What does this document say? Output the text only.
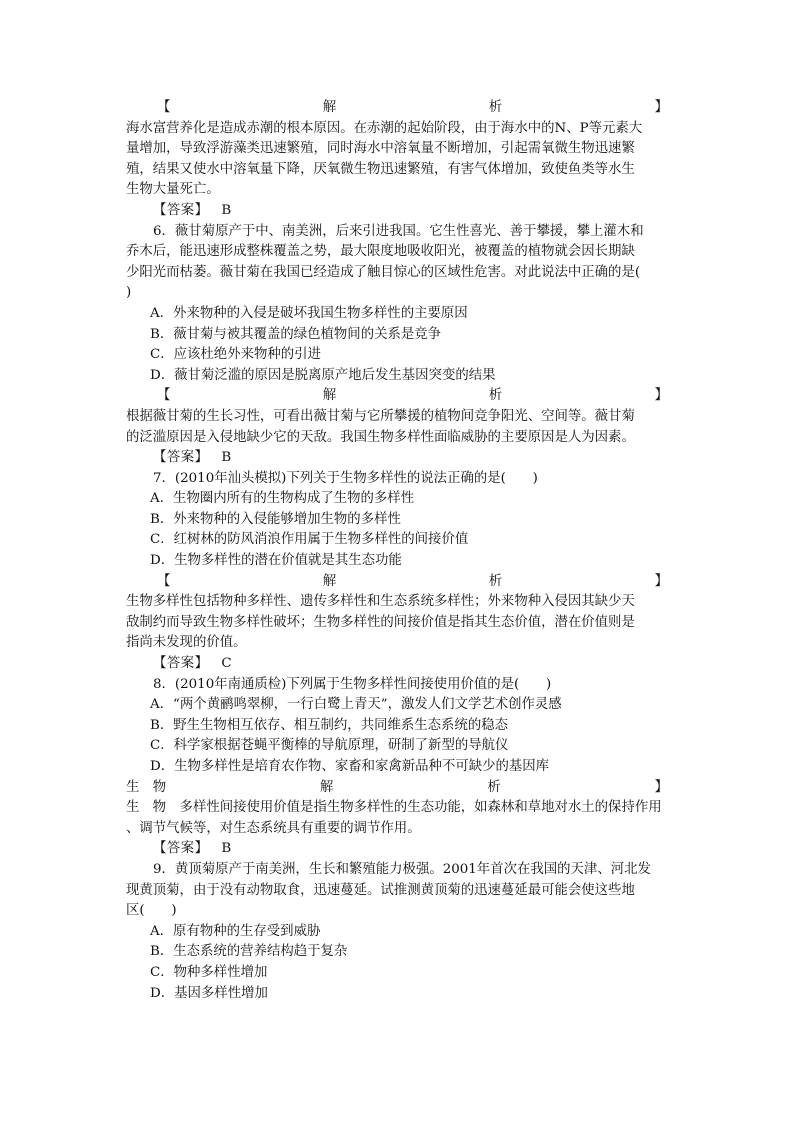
【	解	析	】
海水富营养化是造成赤潮的根本原因。在赤潮的起始阶段，由于海水中的N、P等元素大
量增加，导致浮游藻类迅速繁殖，同时海水中溶氧量不断增加，引起需氧微生物迅速繁
殖，结果又使水中溶氧量下降，厌氧微生物迅速繁殖，有害气体增加，致使鱼类等水生
生物大量死亡。
【答案】 B
6．薇甘菊原产于中、南美洲，后来引进我国。它生性喜光、善于攀援，攀上灌木和
乔木后，能迅速形成整株覆盖之势，最大限度地吸收阳光，被覆盖的植物就会因长期缺
少阳光而枯萎。薇甘菊在我国已经造成了触目惊心的区域性危害。对此说法中正确的是(
)
A．外来物种的入侵是破坏我国生物多样性的主要原因
B．薇甘菊与被其覆盖的绿色植物间的关系是竞争
C．应该杜绝外来物种的引进
D．薇甘菊泛滥的原因是脱离原产地后发生基因突变的结果
【	解	析	】
根据薇甘菊的生长习性，可看出薇甘菊与它所攀援的植物间竞争阳光、空间等。薇甘菊
的泛滥原因是入侵地缺少它的天敌。我国生物多样性面临威胁的主要原因是人为因素。
【答案】 B
7．(2010年汕头模拟)下列关于生物多样性的说法正确的是(　　)
A．生物圈内所有的生物构成了生物的多样性
B．外来物种的入侵能够增加生物的多样性
C．红树林的防风消浪作用属于生物多样性的间接价值
D．生物多样性的潜在价值就是其生态功能
【	解	析	】
生物多样性包括物种多样性、遗传多样性和生态系统多样性；外来物种入侵因其缺少天
敌制约而导致生物多样性破坏；生物多样性的间接价值是指其生态价值，潜在价值则是
指尚未发现的价值。
【答案】 C
8．(2010年南通质检)下列属于生物多样性间接使用价值的是(　　)
A．“两个黄鹂鸣翠柳，一行白鹭上青天”，激发人们文学艺术创作灵感
B．野生生物相互依存、相互制约，共同维系生态系统的稳态
C．科学家根据苍蝇平衡棒的导航原理，研制了新型的导航仪
D．生物多样性是培育农作物、家畜和家禽新品种不可缺少的基因库
生　物	解	析	】
生　物　多样性间接使用价值是指生物多样性的生态功能，如森林和草地对水土的保持作用
、调节气候等，对生态系统具有重要的调节作用。
【答案】 B
9．黄顶菊原产于南美洲，生长和繁殖能力极强。2001年首次在我国的天津、河北发
现黄顶菊，由于没有动物取食，迅速蔓延。试推测黄顶菊的迅速蔓延最可能会使这些地
区(　　)
A．原有物种的生存受到威胁
B．生态系统的营养结构趋于复杂
C．物种多样性增加
D．基因多样性增加
